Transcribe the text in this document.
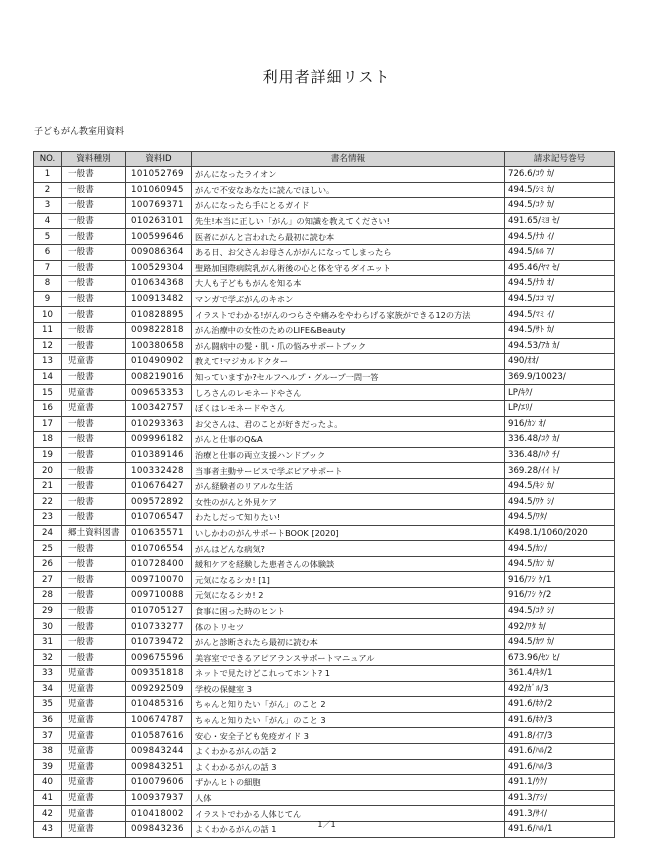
利用者詳細リスト
子どもがん教室用資料
NO.	資料種別	資料ID	書名情報	請求記号巻号
1	一般書	101052769	がんになったライオン	726.6/ｺｳ ｶ/
2	一般書	101060945	がんで不安なあなたに読んでほしい。	494.5/ｼﾐ ｶ/
3	一般書	100769371	がんになったら手にとるガイド	494.5/ｺｸ ｶ/
4	一般書	010263101	先生!本当に正しい「がん」の知識を教えてください!	491.65/ﾐﾖ ｾ/
5	一般書	100599646	医者にがんと言われたら最初に読む本	494.5/ﾅｶ ｲ/
6	一般書	009086364	ある日、お父さんお母さんががんになってしまったら	494.5/ﾙﾙ ｱ/
7	一般書	100529304	聖路加国際病院乳がん術後の心と体を守るダイエット	495.46/ﾔﾏ ｾ/
8	一般書	010634368	大人も子どももがんを知る本	494.5/ﾅｶ ｵ/
9	一般書	100913482	マンガで学ぶがんのキホン	494.5/ｺｺ ﾏ/
10	一般書	010828895	イラストでわかる!がんのつらさや痛みをやわらげる家族ができる12の方法	494.5/ﾏﾐ ｲ/
11	一般書	009822818	がん治療中の女性のためのLIFE&Beauty	494.5/ｻﾄ ｶ/
12	一般書	100380658	がん闘病中の髪・肌・爪の悩みサポートブック	494.53/ｱｶ ｶ/
13	児童書	010490902	教えて!マジカルドクター	490/ｵｵ/
14	一般書	008219016	知っていますか?セルフヘルプ・グループ一問一答	369.9/10023/
15	児童書	009653353	しろさんのレモネードやさん	LP/ｷｸ/
16	児童書	100342757	ぼくはレモネードやさん	LP/ｴﾘ/
17	一般書	010293363	お父さんは、君のことが好きだったよ。	916/ｶﾝ ｵ/
18	一般書	009996182	がんと仕事のQ&A	336.48/ｺｸ ｶ/
19	一般書	010389146	治療と仕事の両立支援ハンドブック	336.48/ﾊｸ ﾁ/
20	一般書	100332428	当事者主動サービスで学ぶピアサポート	369.28/ｲｲ ﾄ/
21	一般書	010676427	がん経験者のリアルな生活	494.5/ｷｼ ｶ/
22	一般書	009572892	女性のがんと外見ケア	494.5/ﾜｹ ｼ/
23	一般書	010706547	わたしだって知りたい!	494.5/ﾜﾀ/
24	郷土資料図書	010635571	いしかわのがんサポートBOOK [2020]	K498.1/1060/2020
25	一般書	010706554	がんはどんな病気?	494.5/ｶﾝ/
26	一般書	010728400	緩和ケアを経験した患者さんの体験談	494.5/ｶﾝ ｶ/
27	一般書	009710070	元気になるシカ! [1]	916/ﾌｼ ｹ/1
28	一般書	009710088	元気になるシカ! 2	916/ﾌｼ ｹ/2
29	一般書	010705127	食事に困った時のヒント	494.5/ｺｸ ｼ/
30	一般書	010733277	体のトリセツ	492/ﾜﾀ ｶ/
31	一般書	010739472	がんと診断されたら最初に読む本	494.5/ｶﾂ ｶ/
32	一般書	009675596	美容室でできるアピアランスサポートマニュアル	673.96/ｾﾝ ﾋ/
33	児童書	009351818	ネットで見たけどこれってホント? 1	361.4/ｷﾀ/1
34	児童書	009292509	学校の保健室 3	492/ｶﾞﾙ/3
35	児童書	010485316	ちゃんと知りたい「がん」のこと 2	491.6/ﾎｹ/2
36	児童書	100674787	ちゃんと知りたい「がん」のこと 3	491.6/ﾎｹ/3
37	児童書	010587616	安心・安全子ども免疫ガイド 3	491.8/ｲｱ/3
38	児童書	009843244	よくわかるがんの話 2	491.6/ﾊﾙ/2
39	児童書	009843251	よくわかるがんの話 3	491.6/ﾊﾙ/3
40	児童書	010079606	ずかんヒトの細胞	491.1/ｳｸ/
41	児童書	100937937	人体	491.3/ｱｼ/
42	児童書	010418002	イラストでわかる人体じてん	491.3/ｻｲ/
43	児童書	009843236	よくわかるがんの話 1	491.6/ﾊﾙ/1
1／1
